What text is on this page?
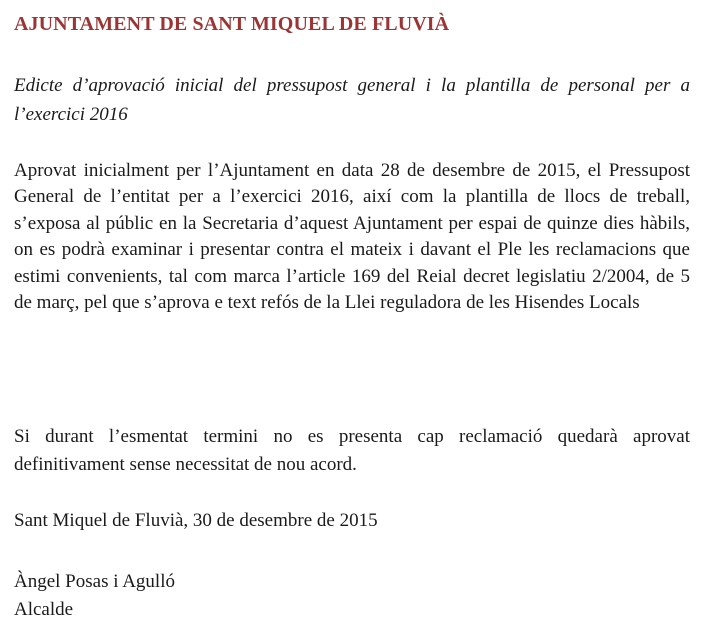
AJUNTAMENT DE SANT MIQUEL DE FLUVIÀ
Edicte d’aprovació inicial del pressupost general i la plantilla de personal per a l’exercici 2016
Aprovat inicialment per l’Ajuntament en data 28 de desembre de 2015, el Pressupost General de l’entitat per a l’exercici 2016, així com la plantilla de llocs de treball, s’exposa al públic en la Secretaria d’aquest Ajuntament per espai de quinze dies hàbils, on es podrà examinar i presentar contra el mateix i davant el Ple les reclamacions que estimi convenients, tal com marca l’article 169 del Reial decret legislatiu 2/2004, de 5 de març, pel que s’aprova e text refós de la Llei reguladora de les Hisendes Locals
Si durant l’esmentat termini no es presenta cap reclamació quedarà aprovat definitivament sense necessitat de nou acord.
Sant Miquel de Fluvià, 30 de desembre de 2015
Àngel Posas i Agulló
Alcalde
